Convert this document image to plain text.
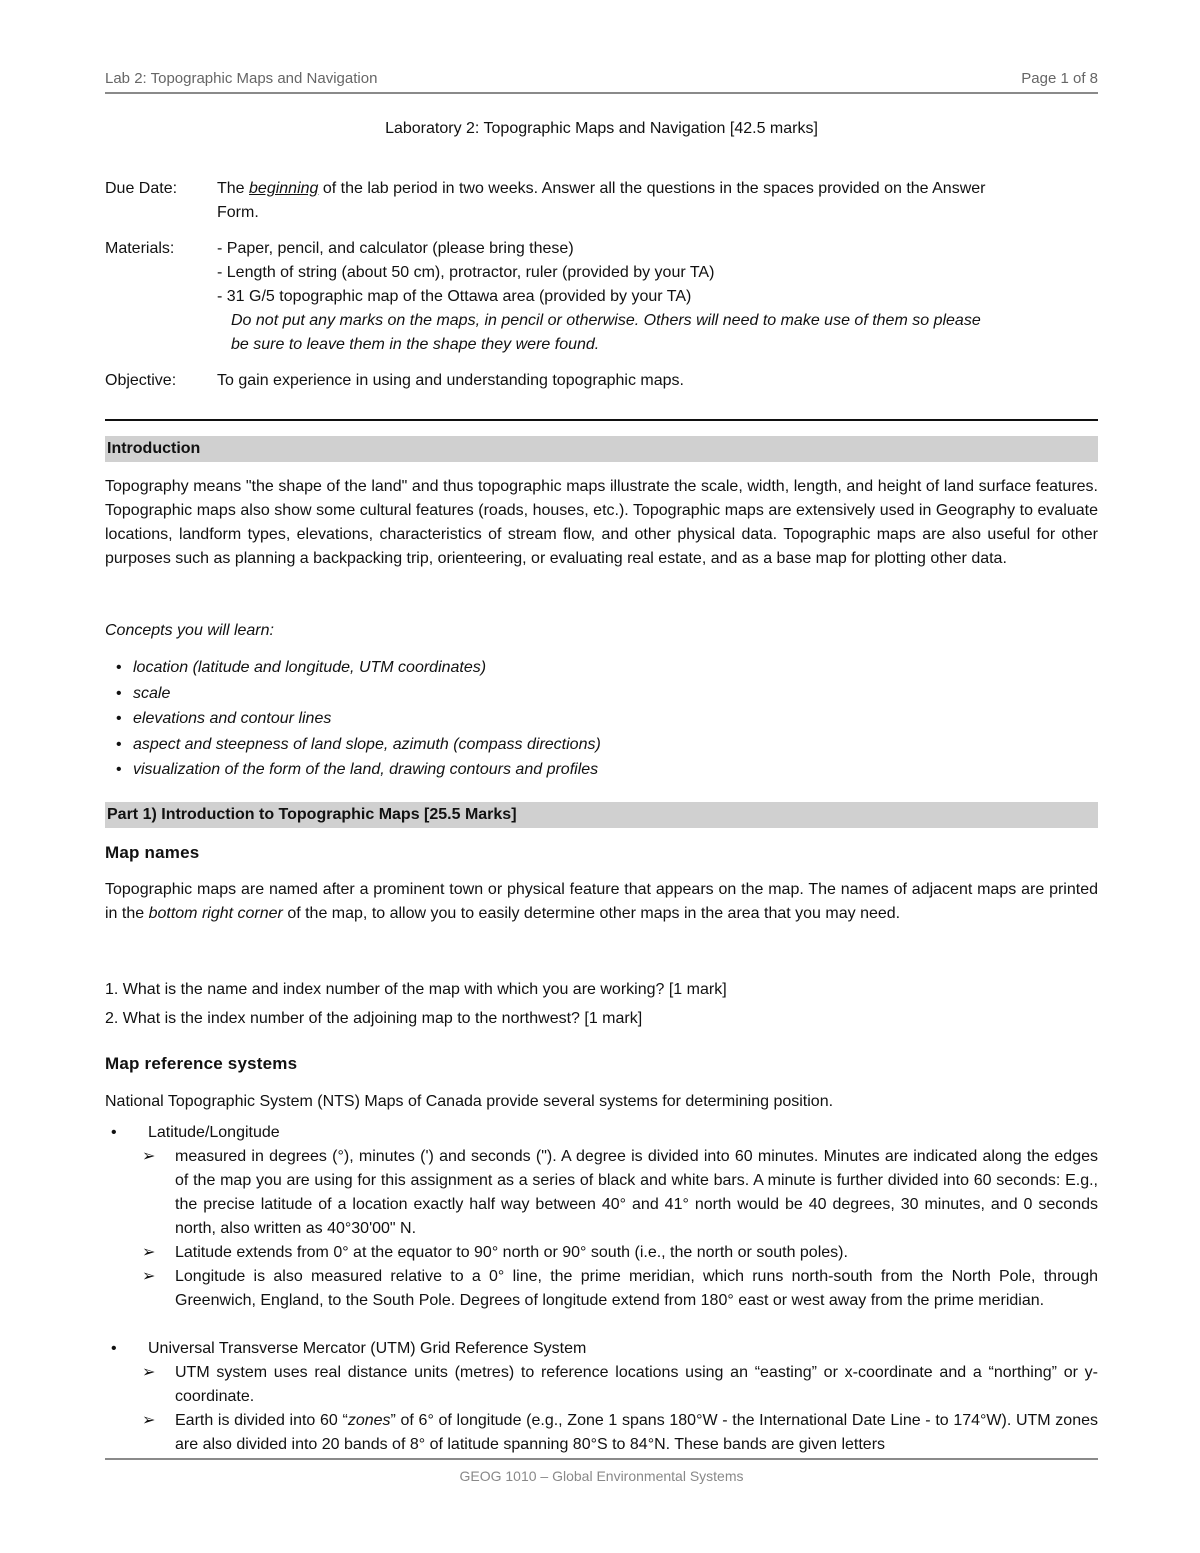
Lab 2: Topographic Maps and Navigation	Page 1 of 8
Laboratory 2: Topographic Maps and Navigation [42.5 marks]
Due Date:	The beginning of the lab period in two weeks. Answer all the questions in the spaces provided on the Answer
Form.
Materials:	- Paper, pencil, and calculator (please bring these)
- Length of string (about 50 cm), protractor, ruler (provided by your TA)
- 31 G/5 topographic map of the Ottawa area (provided by your TA)
Do not put any marks on the maps, in pencil or otherwise. Others will need to make use of them so please
be sure to leave them in the shape they were found.
Objective:	To gain experience in using and understanding topographic maps.
Introduction
Topography means "the shape of the land" and thus topographic maps illustrate the scale, width, length, and height of land surface features. Topographic maps also show some cultural features (roads, houses, etc.). Topographic maps are extensively used in Geography to evaluate locations, landform types, elevations, characteristics of stream flow, and other physical data. Topographic maps are also useful for other purposes such as planning a backpacking trip, orienteering, or evaluating real estate, and as a base map for plotting other data.
Concepts you will learn:
• location (latitude and longitude, UTM coordinates)
• scale
• elevations and contour lines
• aspect and steepness of land slope, azimuth (compass directions)
• visualization of the form of the land, drawing contours and profiles
Part 1) Introduction to Topographic Maps [25.5 Marks]
Map names
Topographic maps are named after a prominent town or physical feature that appears on the map. The names of adjacent maps are printed in the bottom right corner of the map, to allow you to easily determine other maps in the area that you may need.
1. What is the name and index number of the map with which you are working? [1 mark]
2. What is the index number of the adjoining map to the northwest? [1 mark]
Map reference systems
National Topographic System (NTS) Maps of Canada provide several systems for determining position.
• Latitude/Longitude
➢ measured in degrees (°), minutes (') and seconds ("). A degree is divided into 60 minutes. Minutes are indicated along the edges of the map you are using for this assignment as a series of black and white bars. A minute is further divided into 60 seconds: E.g., the precise latitude of a location exactly half way between 40° and 41° north would be 40 degrees, 30 minutes, and 0 seconds north, also written as 40°30'00" N.
➢ Latitude extends from 0° at the equator to 90° north or 90° south (i.e., the north or south poles).
➢ Longitude is also measured relative to a 0° line, the prime meridian, which runs north-south from the North Pole, through Greenwich, England, to the South Pole. Degrees of longitude extend from 180° east or west away from the prime meridian.
• Universal Transverse Mercator (UTM) Grid Reference System
➢ UTM system uses real distance units (metres) to reference locations using an “easting” or x-coordinate and a “northing” or y-coordinate.
➢ Earth is divided into 60 “zones” of 6° of longitude (e.g., Zone 1 spans 180°W - the International Date Line - to 174°W). UTM zones are also divided into 20 bands of 8° of latitude spanning 80°S to 84°N. These bands are given letters
GEOG 1010 – Global Environmental Systems
